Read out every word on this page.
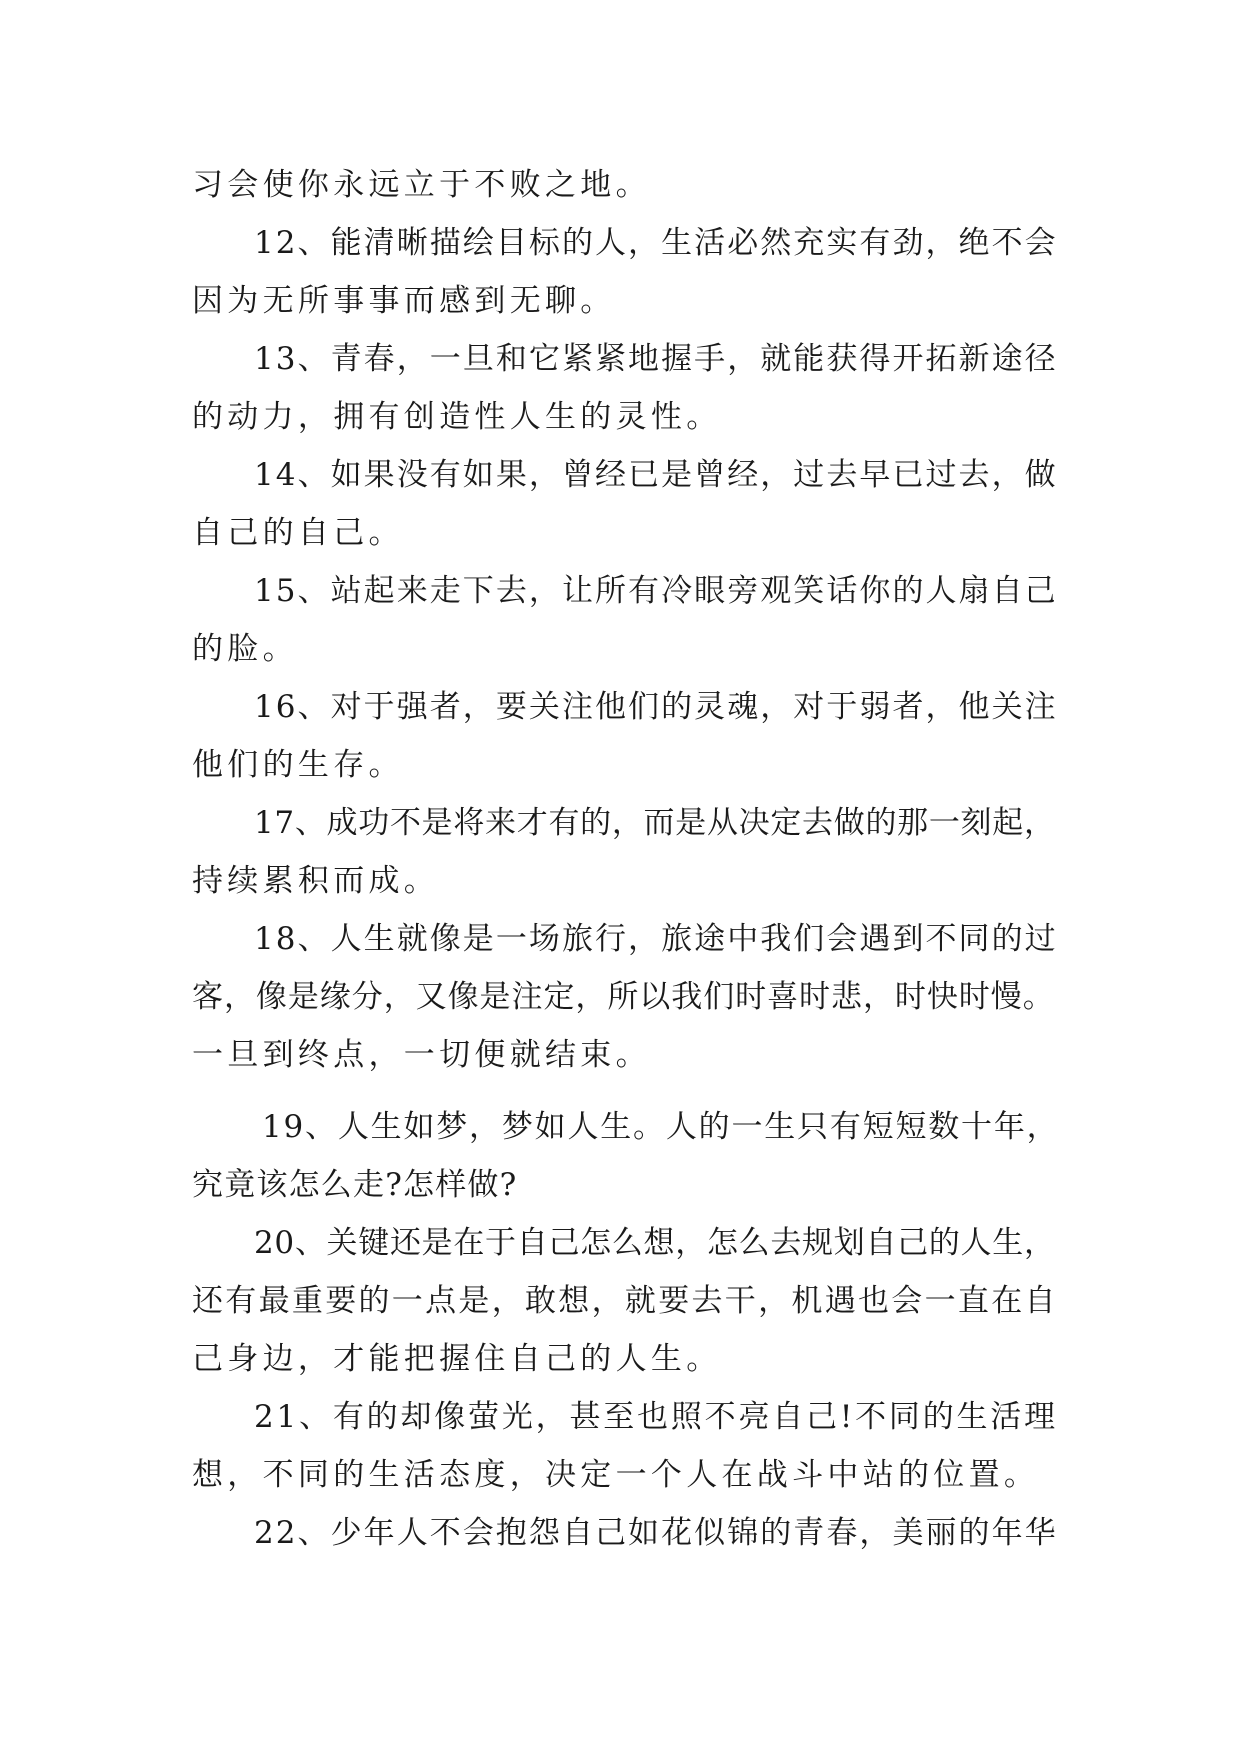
习会使你永远立于不败之地。
12、能清晰描绘目标的人，生活必然充实有劲，绝不会
因为无所事事而感到无聊。
13、青春，一旦和它紧紧地握手，就能获得开拓新途径
的动力，拥有创造性人生的灵性。
14、如果没有如果，曾经已是曾经，过去早已过去，做
自己的自己。
15、站起来走下去，让所有冷眼旁观笑话你的人扇自己
的脸。
16、对于强者，要关注他们的灵魂，对于弱者，他关注
他们的生存。
17、成功不是将来才有的，而是从决定去做的那一刻起，
持续累积而成。
18、人生就像是一场旅行，旅途中我们会遇到不同的过
客，像是缘分，又像是注定，所以我们时喜时悲，时快时慢。
一旦到终点，一切便就结束。
19、人生如梦，梦如人生。人的一生只有短短数十年，
究竟该怎么走?怎样做?
20、关键还是在于自己怎么想，怎么去规划自己的人生，
还有最重要的一点是，敢想，就要去干，机遇也会一直在自
己身边，才能把握住自己的人生。
21、有的却像萤光，甚至也照不亮自己!不同的生活理
想，不同的生活态度，决定一个人在战斗中站的位置。
22、少年人不会抱怨自己如花似锦的青春，美丽的年华
